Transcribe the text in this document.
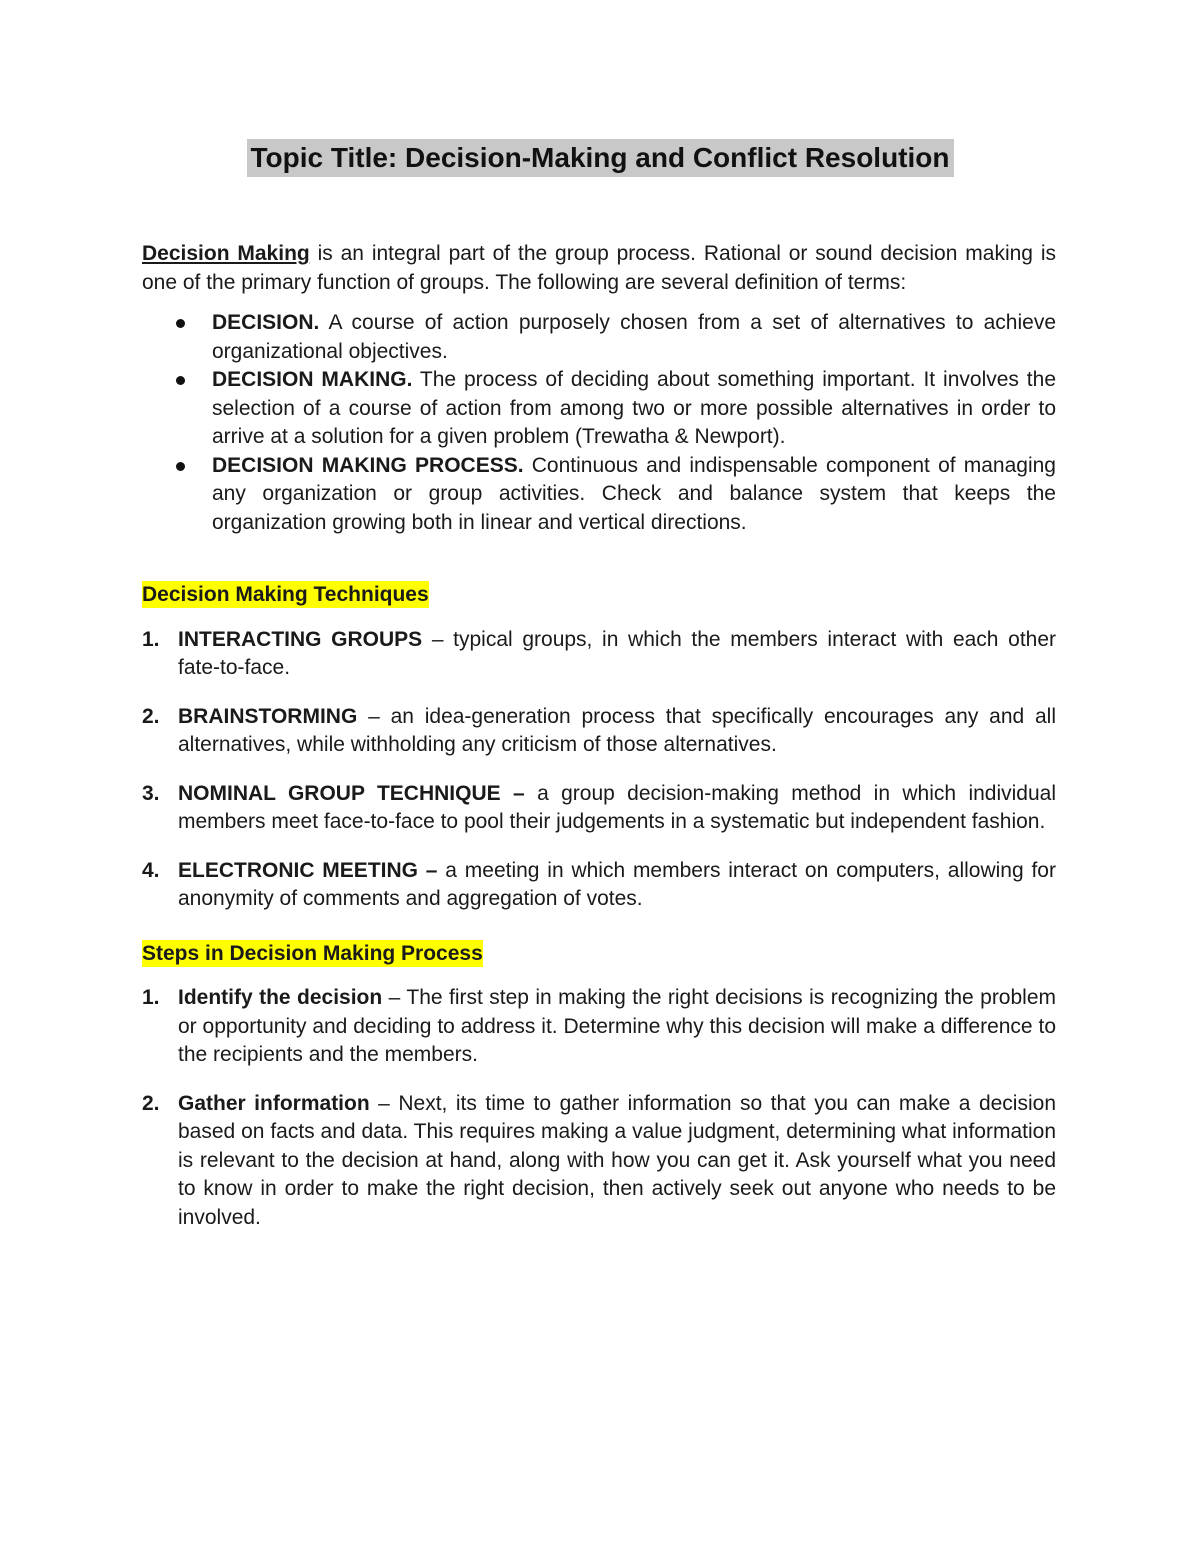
Topic Title: Decision-Making and Conflict Resolution

Decision Making is an integral part of the group process. Rational or sound decision making is one of the primary function of groups. The following are several definition of terms:

DECISION. A course of action purposely chosen from a set of alternatives to achieve organizational objectives.
DECISION MAKING. The process of deciding about something important. It involves the selection of a course of action from among two or more possible alternatives in order to arrive at a solution for a given problem (Trewatha & Newport).
DECISION MAKING PROCESS. Continuous and indispensable component of managing any organization or group activities. Check and balance system that keeps the organization growing both in linear and vertical directions.
Decision Making Techniques
1. INTERACTING GROUPS – typical groups, in which the members interact with each other fate-to-face.
2. BRAINSTORMING – an idea-generation process that specifically encourages any and all alternatives, while withholding any criticism of those alternatives.
3. NOMINAL GROUP TECHNIQUE – a group decision-making method in which individual members meet face-to-face to pool their judgements in a systematic but independent fashion.
4. ELECTRONIC MEETING – a meeting in which members interact on computers, allowing for anonymity of comments and aggregation of votes.
Steps in Decision Making Process
1. Identify the decision – The first step in making the right decisions is recognizing the problem or opportunity and deciding to address it. Determine why this decision will make a difference to the recipients and the members.
2. Gather information – Next, its time to gather information so that you can make a decision based on facts and data. This requires making a value judgment, determining what information is relevant to the decision at hand, along with how you can get it. Ask yourself what you need to know in order to make the right decision, then actively seek out anyone who needs to be involved.
